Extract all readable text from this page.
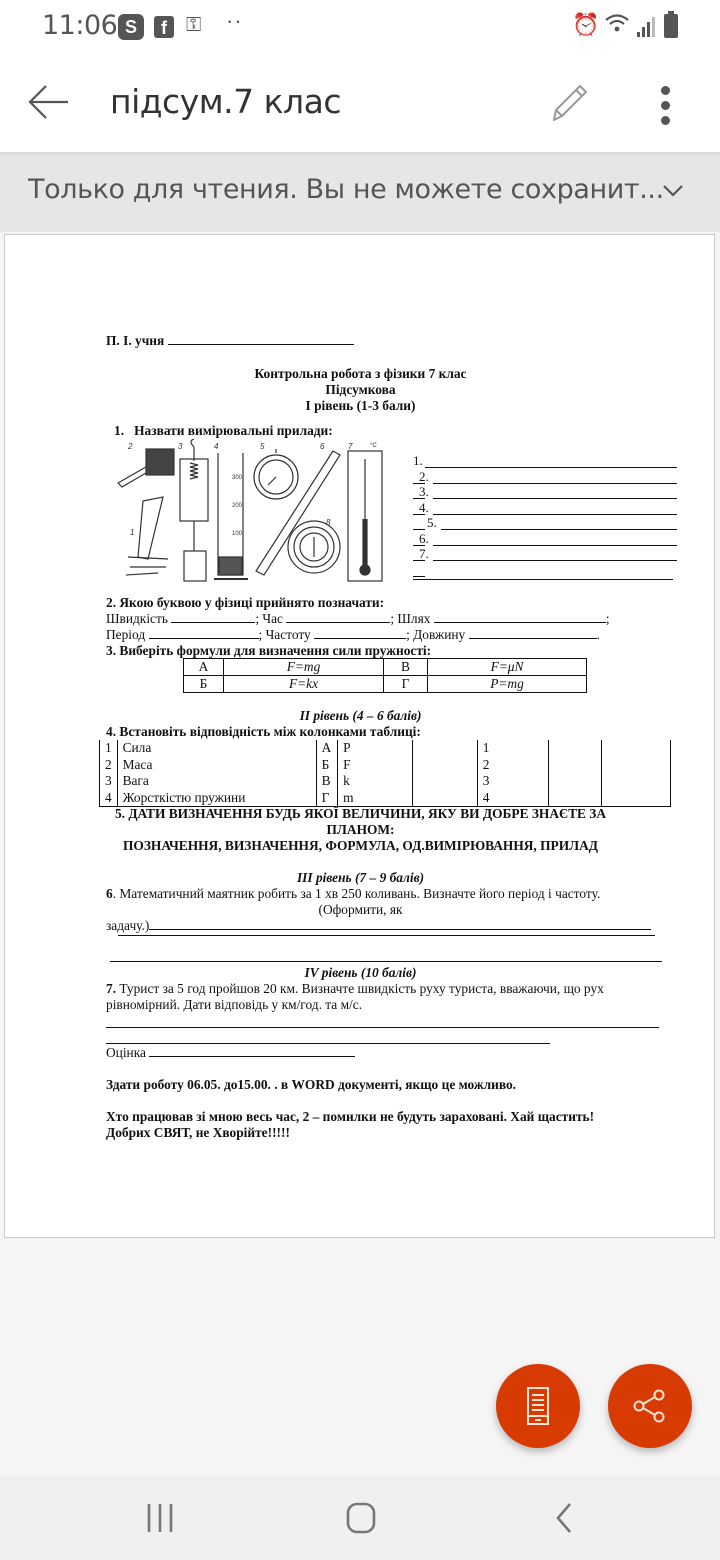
11:06 S	f ⚿ ··	⏰
підсум.7 клас
Только для чтения. Вы не можете сохранит...
П. І. учня
Контрольна робота з фізики 7 клас
Підсумкова
І рівень (1-3 бали)
1. Назвати вимірювальні прилади:
2	3	4	5	6	7
1
8
300
200
100
°C
1.
2.
3.
4.
5.
6.
7.
2. Якою буквою у фізиці прийнято позначати:
Швидкість	; Час	; Шлях	;
Період	; Частоту	; Довжину	.
3. Виберіть формули для визначення сили пружності:
А	F=mg	В	F=μN
Б	F=kx	Г	P=mg
II рівень (4 – 6 балів)
4. Встановіть відповідність між колонками таблиці:
1	Сила	А	P		1		
2	Маса	Б	F		2		
3	Вага	В	k		3		
4	Жорсткістю пружини	Г	m		4		
5. ДАТИ ВИЗНАЧЕННЯ БУДЬ ЯКОЇ ВЕЛИЧИНИ, ЯКУ ВИ ДОБРЕ ЗНАЄТЕ ЗА
ПЛАНОМ:
ПОЗНАЧЕННЯ, ВИЗНАЧЕННЯ, ФОРМУЛА, ОД.ВИМІРЮВАННЯ, ПРИЛАД
III рівень (7 – 9 балів)
6. Математичний маятник робить за 1 хв 250 коливань. Визначте його період і частоту.
(Оформити, як
задачу.)
IV рівень (10 балів)
7. Турист за 5 год пройшов 20 км. Визначте швидкість руху туриста, вважаючи, що рух
рівномірний. Дати відповідь у км/год. та м/с.
Оцінка
Здати роботу 06.05. до15.00. . в WORD документі, якщо це можливо.
Хто працював зі мною весь час, 2 – помилки не будуть зараховані. Хай щастить!
Добрих СВЯТ, не Хворійте!!!!!
